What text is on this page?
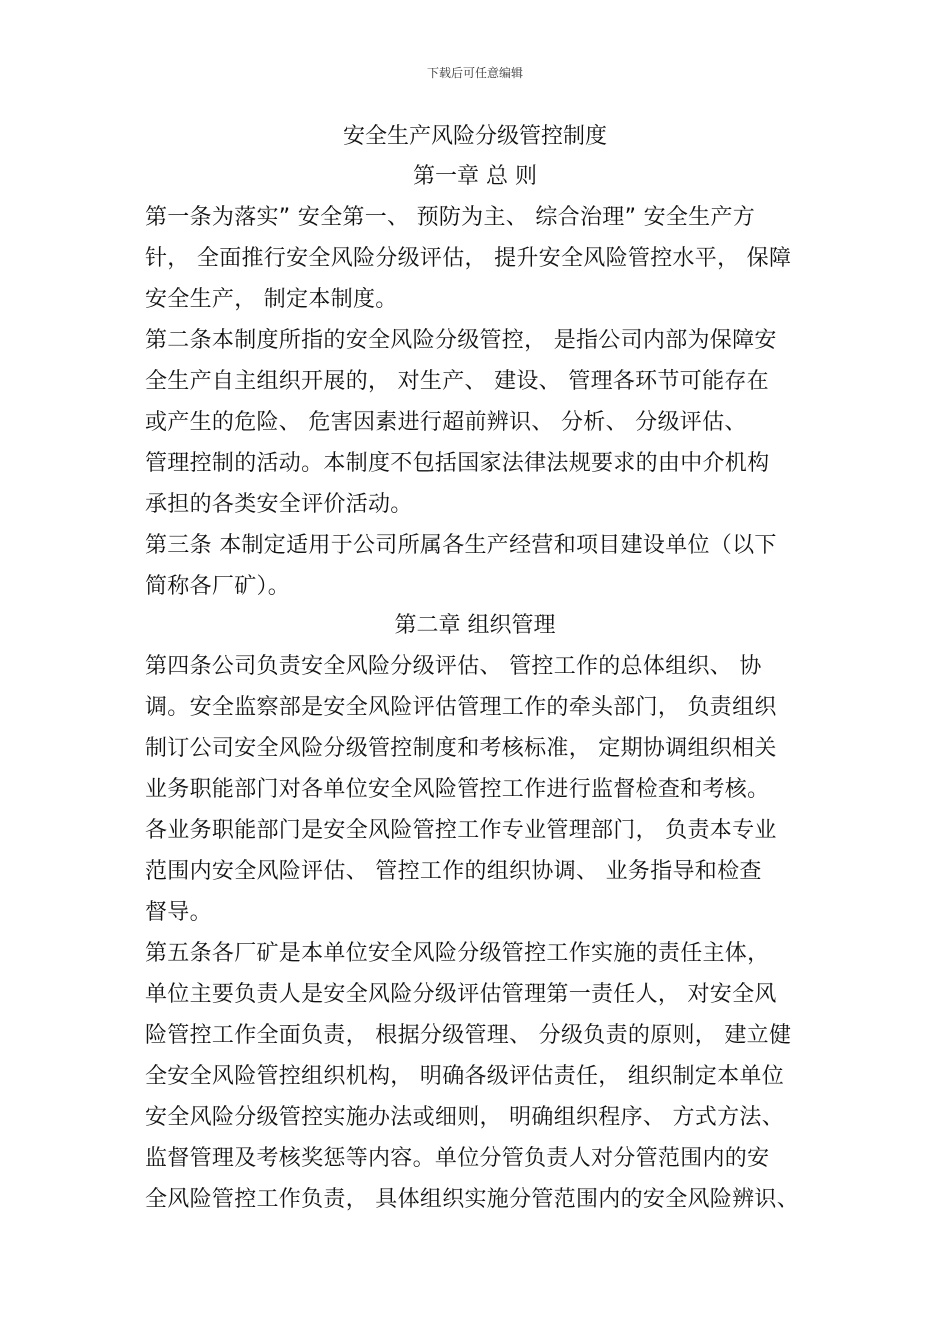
下载后可任意编辑
安全生产风险分级管控制度
第一章 总 则
第一条为落实” 安全第一、 预防为主、 综合治理” 安全生产方
针， 全面推行安全风险分级评估， 提升安全风险管控水平， 保障
安全生产， 制定本制度。
第二条本制度所指的安全风险分级管控， 是指公司内部为保障安
全生产自主组织开展的， 对生产、 建设、 管理各环节可能存在
或产生的危险、 危害因素进行超前辨识、 分析、 分级评估、
管理控制的活动。本制度不包括国家法律法规要求的由中介机构
承担的各类安全评价活动。
第三条 本制定适用于公司所属各生产经营和项目建设单位（以下
简称各厂矿）。
第二章 组织管理
第四条公司负责安全风险分级评估、 管控工作的总体组织、 协
调。安全监察部是安全风险评估管理工作的牵头部门， 负责组织
制订公司安全风险分级管控制度和考核标准， 定期协调组织相关
业务职能部门对各单位安全风险管控工作进行监督检查和考核。
各业务职能部门是安全风险管控工作专业管理部门， 负责本专业
范围内安全风险评估、 管控工作的组织协调、 业务指导和检查
督导。
第五条各厂矿是本单位安全风险分级管控工作实施的责任主体，
单位主要负责人是安全风险分级评估管理第一责任人， 对安全风
险管控工作全面负责， 根据分级管理、 分级负责的原则， 建立健
全安全风险管控组织机构， 明确各级评估责任， 组织制定本单位
安全风险分级管控实施办法或细则， 明确组织程序、 方式方法、
监督管理及考核奖惩等内容。单位分管负责人对分管范围内的安
全风险管控工作负责， 具体组织实施分管范围内的安全风险辨识、
